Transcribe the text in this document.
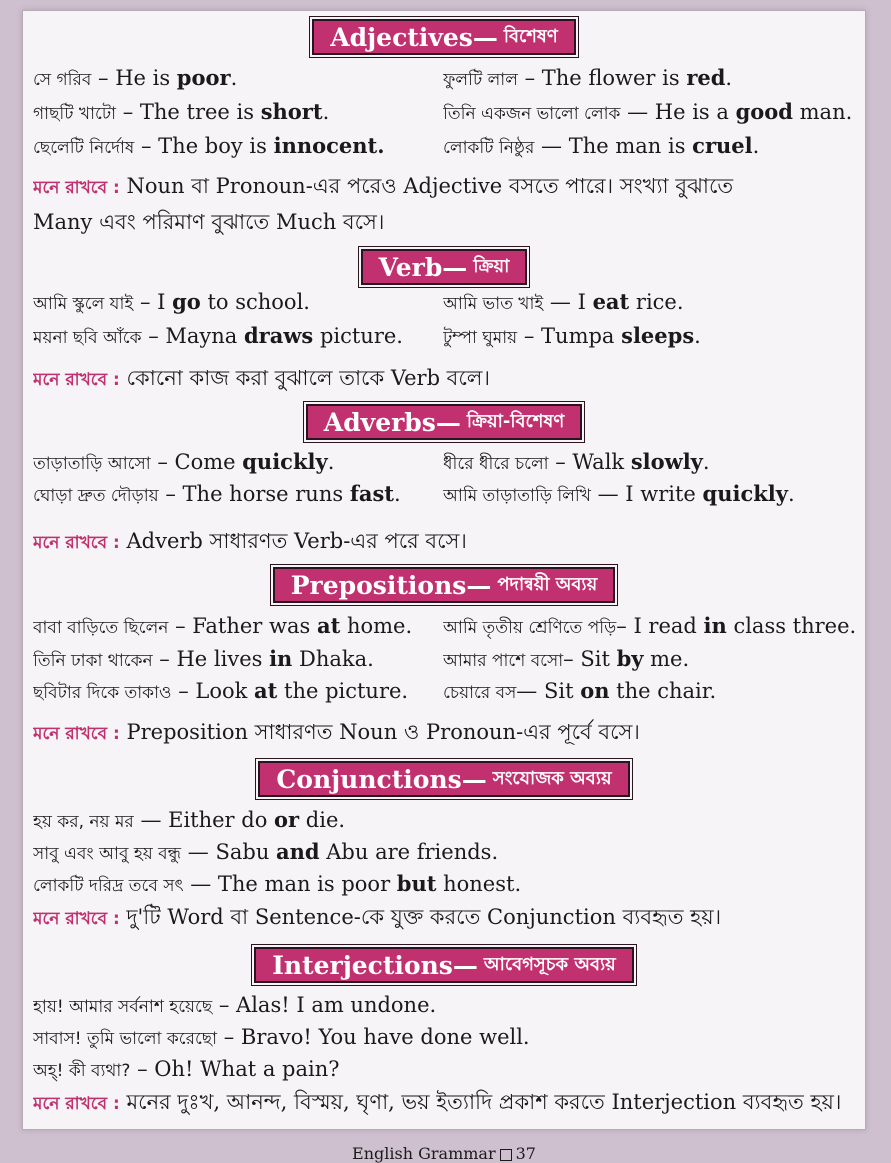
Adjectives— বিশেষণ
সে গরিব – He is poor.	ফুলটি লাল – The flower is red.
গাছটি খাটো – The tree is short.	তিনি একজন ভালো লোক — He is a good man.
ছেলেটি নির্দোষ – The boy is innocent.	লোকটি নিষ্ঠুর — The man is cruel.
মনে রাখবে : Noun বা Pronoun-এর পরেও Adjective বসতে পারে। সংখ্যা বুঝাতে
Many এবং পরিমাণ বুঝাতে Much বসে।
Verb— ক্রিয়া
আমি স্কুলে যাই – I go to school.	আমি ভাত খাই — I eat rice.
ময়না ছবি আঁকে – Mayna draws picture.	টুম্পা ঘুমায় – Tumpa sleeps.
মনে রাখবে : কোনো কাজ করা বুঝালে তাকে Verb বলে।
Adverbs— ক্রিয়া-বিশেষণ
তাড়াতাড়ি আসো – Come quickly.	ধীরে ধীরে চলো – Walk slowly.
ঘোড়া দ্রুত দৌড়ায় – The horse runs fast.	আমি তাড়াতাড়ি লিখি — I write quickly.
মনে রাখবে : Adverb সাধারণত Verb-এর পরে বসে।
Prepositions— পদান্বয়ী অব্যয়
বাবা বাড়িতে ছিলেন – Father was at home.	আমি তৃতীয় শ্রেণিতে পড়ি– I read in class three.
তিনি ঢাকা থাকেন – He lives in Dhaka.	আমার পাশে বসো– Sit by me.
ছবিটার দিকে তাকাও – Look at the picture.	চেয়ারে বস— Sit on the chair.
মনে রাখবে : Preposition সাধারণত Noun ও Pronoun-এর পূর্বে বসে।
Conjunctions— সংযোজক অব্যয়
হয় কর, নয় মর — Either do or die.
সাবু এবং আবু হয় বন্ধু — Sabu and Abu are friends.
লোকটি দরিদ্র তবে সৎ — The man is poor but honest.
মনে রাখবে : দু'টি Word বা Sentence-কে যুক্ত করতে Conjunction ব্যবহৃত হয়।
Interjections— আবেগসূচক অব্যয়
হায়! আমার সর্বনাশ হয়েছে – Alas! I am undone.
সাবাস! তুমি ভালো করেছো – Bravo! You have done well.
অহ্! কী ব্যথা? – Oh! What a pain?
মনে রাখবে : মনের দুঃখ, আনন্দ, বিস্ময়, ঘৃণা, ভয় ইত্যাদি প্রকাশ করতে Interjection ব্যবহৃত হয়।
English Grammar 37
